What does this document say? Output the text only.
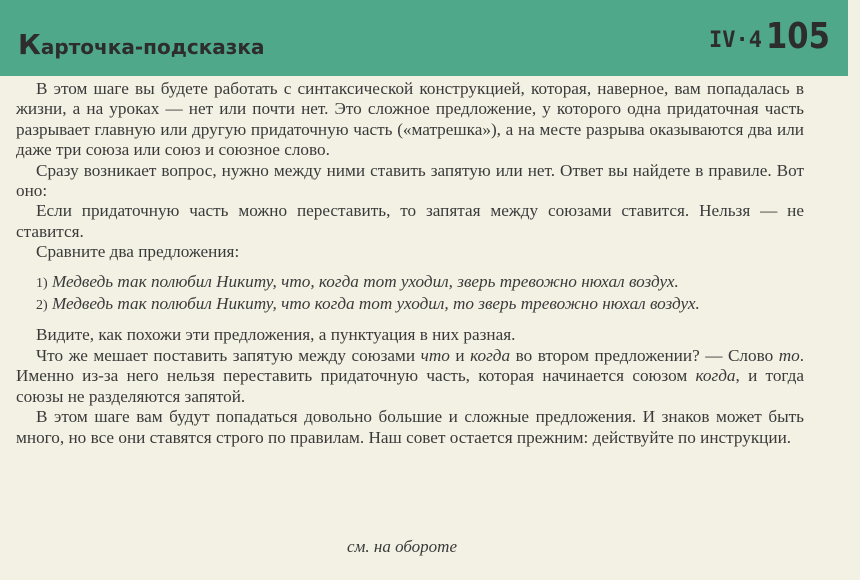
Карточка-подсказка	IV·4 105

В этом шаге вы будете работать с синтаксической конструкцией, которая, наверное, вам попадалась в жизни, а на уроках — нет или почти нет. Это сложное предложение, у которого одна придаточная часть разрывает главную или другую придаточную часть («матрешка»), а на месте разрыва оказываются два или даже три союза или союз и союзное слово.

Сразу возникает вопрос, нужно между ними ставить запятую или нет. Ответ вы найдете в правиле. Вот оно:

Если придаточную часть можно переставить, то запятая между союзами ставится. Нельзя — не ставится.

Сравните два предложения:

1) Медведь так полюбил Никиту, что, когда тот уходил, зверь тревожно нюхал воздух.

2) Медведь так полюбил Никиту, что когда тот уходил, то зверь тревожно нюхал воздух.

Видите, как похожи эти предложения, а пунктуация в них разная.

Что же мешает поставить запятую между союзами что и когда во втором предложении? — Слово то. Именно из-за него нельзя переставить придаточную часть, которая начинается союзом когда, и тогда союзы не разделяются запятой.

В этом шаге вам будут попадаться довольно большие и сложные предложения. И знаков может быть много, но все они ставятся строго по правилам. Наш совет остается прежним: действуйте по инструкции.

см. на обороте
